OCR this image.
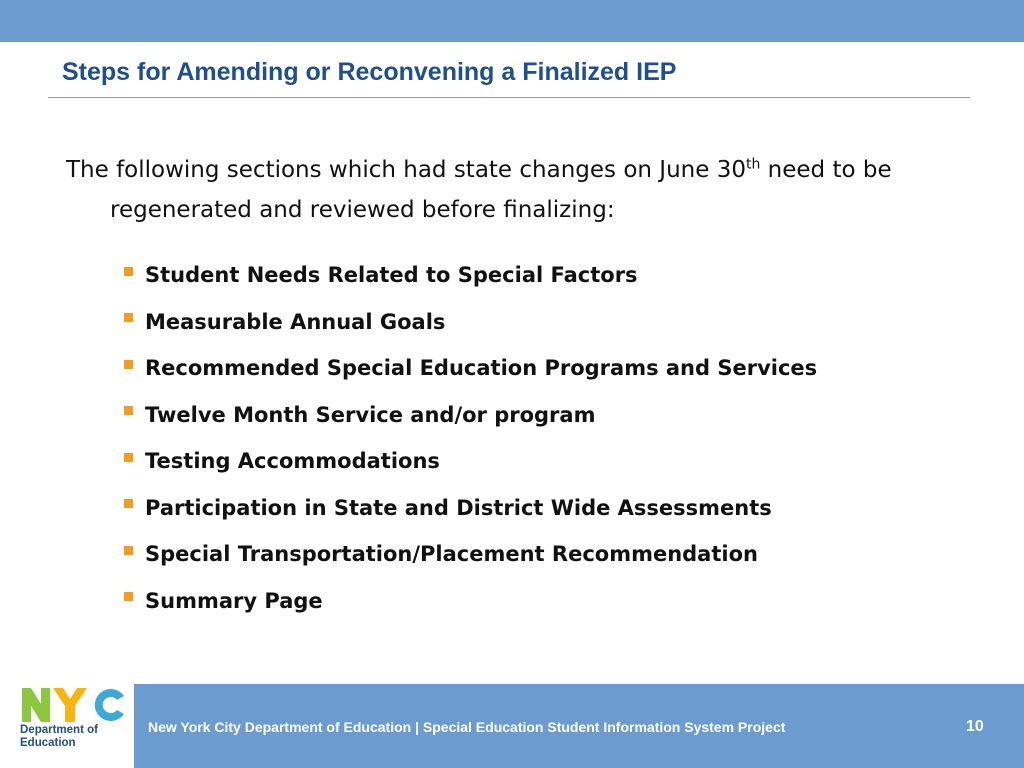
Steps for Amending or Reconvening a Finalized IEP
The following sections which had state changes on June 30th need to be regenerated and reviewed before finalizing:
Student Needs Related to Special Factors
Measurable Annual Goals
Recommended Special Education Programs and Services
Twelve Month Service and/or program
Testing Accommodations
Participation in State and District Wide Assessments
Special Transportation/Placement Recommendation
Summary Page
Department of
Education
New York City Department of Education | Special Education Student Information System Project	10
